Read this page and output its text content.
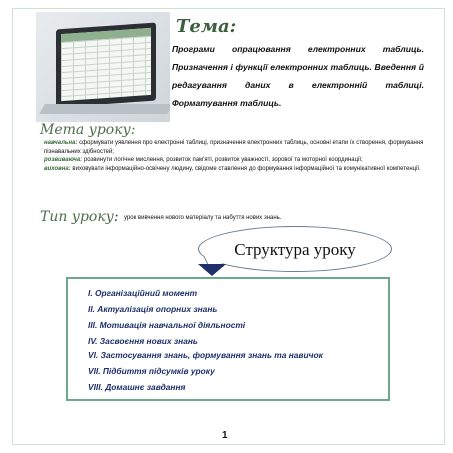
Тема:
Програми опрацювання електронних таблиць. Призначення і функції електронних таблиць. Введення й редагування даних в електронній таблиці. Форматування таблиць.
Мета уроку:

навчальна: сформувати уявлення про електронні таблиці, призначення електронних таблиць, основні етапи їх створення, формування пізнавальних здібностей;

розвиваюча: розвинути логічне мислення, розвиток пам'яті, розвиток уважності, зорової та моторної координації;

виховна: виховувати інформаційно-освічену людину, свідоме ставлення до формування інформаційної та комунікативної компетенції.

Тип уроку: урок вивчення нового матеріалу та набуття нових знань.
Структура уроку
І. Організаційний момент
ІІ. Актуалізація опорних знань
ІІІ. Мотивація навчальної діяльності
IV. Засвоєння нових знань
VІ. Застосування знань, формування знань та навичок
VІІ. Підбиття підсумків уроку
VІІІ. Домашнє завдання
1
